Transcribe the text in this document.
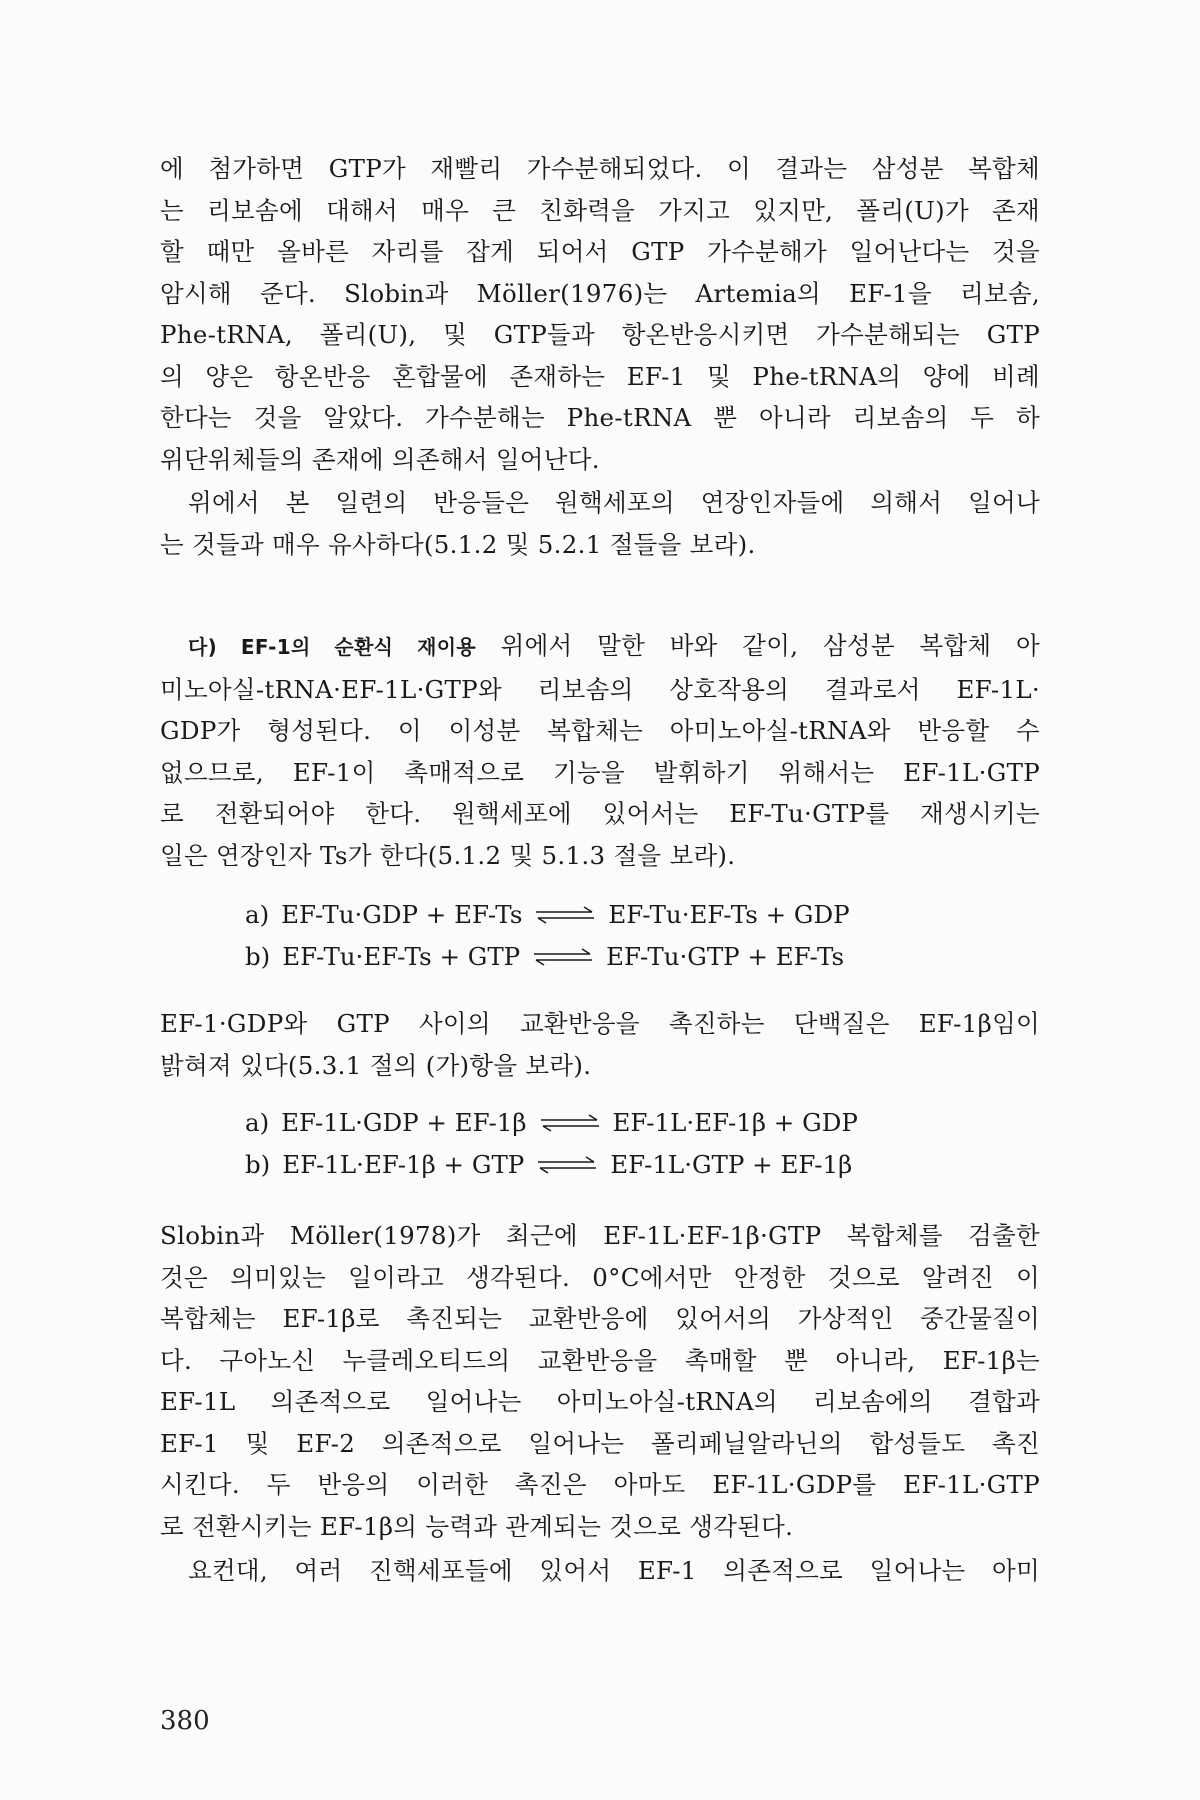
에 첨가하면 GTP가 재빨리 가수분해되었다. 이 결과는 삼성분 복합체
는 리보솜에 대해서 매우 큰 친화력을 가지고 있지만, 폴리(U)가 존재
할 때만 올바른 자리를 잡게 되어서 GTP 가수분해가 일어난다는 것을
암시해 준다. Slobin과 Möller(1976)는 Artemia의 EF-1을 리보솜,
Phe-tRNA, 폴리(U), 및 GTP들과 항온반응시키면 가수분해되는 GTP
의 양은 항온반응 혼합물에 존재하는 EF-1 및 Phe-tRNA의 양에 비례
한다는 것을 알았다. 가수분해는 Phe-tRNA 뿐 아니라 리보솜의 두 하
위단위체들의 존재에 의존해서 일어난다.
위에서 본 일련의 반응들은 원핵세포의 연장인자들에 의해서 일어나
는 것들과 매우 유사하다(5.1.2 및 5.2.1 절들을 보라).
다) EF-1의 순환식 재이용 위에서 말한 바와 같이, 삼성분 복합체 아
미노아실-tRNA·EF-1L·GTP와 리보솜의 상호작용의 결과로서 EF-1L·
GDP가 형성된다. 이 이성분 복합체는 아미노아실-tRNA와 반응할 수
없으므로, EF-1이 촉매적으로 기능을 발휘하기 위해서는 EF-1L·GTP
로 전환되어야 한다. 원핵세포에 있어서는 EF-Tu·GTP를 재생시키는
일은 연장인자 Ts가 한다(5.1.2 및 5.1.3 절을 보라).
a) EF-Tu·GDP + EF-Ts ⇌ EF-Tu·EF-Ts + GDP
b) EF-Tu·EF-Ts + GTP ⇌ EF-Tu·GTP + EF-Ts
EF-1·GDP와 GTP 사이의 교환반응을 촉진하는 단백질은 EF-1β임이
밝혀져 있다(5.3.1 절의 (가)항을 보라).
a) EF-1L·GDP + EF-1β ⇌ EF-1L·EF-1β + GDP
b) EF-1L·EF-1β + GTP ⇌ EF-1L·GTP + EF-1β
Slobin과 Möller(1978)가 최근에 EF-1L·EF-1β·GTP 복합체를 검출한
것은 의미있는 일이라고 생각된다. 0°C에서만 안정한 것으로 알려진 이
복합체는 EF-1β로 촉진되는 교환반응에 있어서의 가상적인 중간물질이
다. 구아노신 누클레오티드의 교환반응을 촉매할 뿐 아니라, EF-1β는
EF-1L 의존적으로 일어나는 아미노아실-tRNA의 리보솜에의 결합과
EF-1 및 EF-2 의존적으로 일어나는 폴리페닐알라닌의 합성들도 촉진
시킨다. 두 반응의 이러한 촉진은 아마도 EF-1L·GDP를 EF-1L·GTP
로 전환시키는 EF-1β의 능력과 관계되는 것으로 생각된다.
요컨대, 여러 진핵세포들에 있어서 EF-1 의존적으로 일어나는 아미
380
